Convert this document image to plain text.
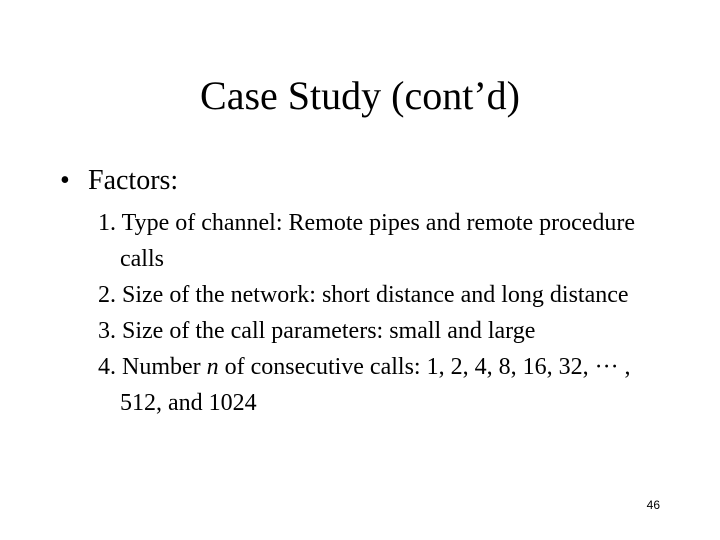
Case Study (cont’d)
• Factors:
1. Type of channel: Remote pipes and remote procedure calls
2. Size of the network: short distance and long distance
3. Size of the call parameters: small and large
4. Number n of consecutive calls: 1, 2, 4, 8, 16, 32, ··· , 512, and 1024
46
